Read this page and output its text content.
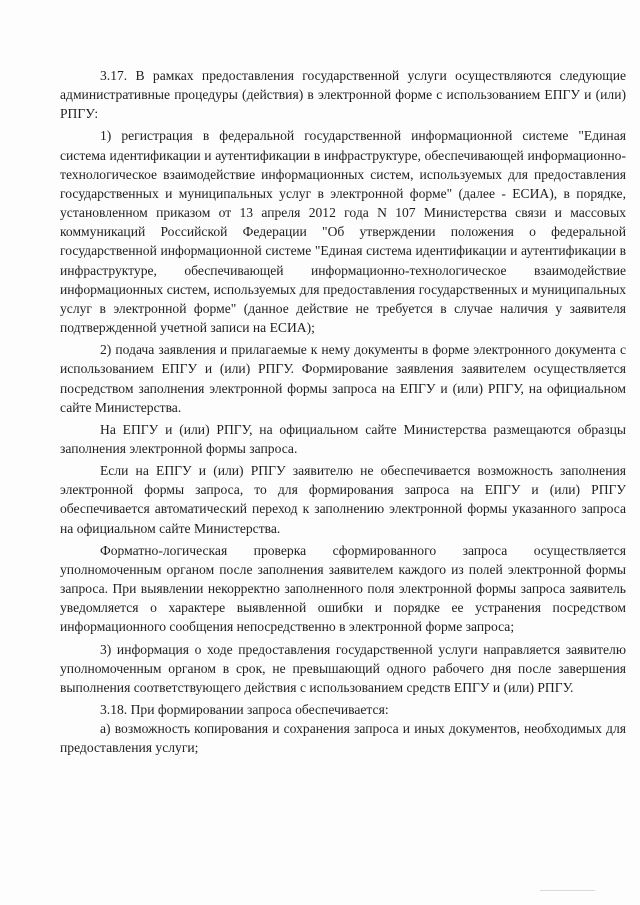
3.17. В рамках предоставления государственной услуги осуществляются следующие административные процедуры (действия) в электронной форме с использованием ЕПГУ и (или) РПГУ:

1) регистрация в федеральной государственной информационной системе "Единая система идентификации и аутентификации в инфраструктуре, обеспечивающей информационно-технологическое взаимодействие информационных систем, используемых для предоставления государственных и муниципальных услуг в электронной форме" (далее - ЕСИА), в порядке, установленном приказом от 13 апреля 2012 года N 107 Министерства связи и массовых коммуникаций Российской Федерации "Об утверждении положения о федеральной государственной информационной системе "Единая система идентификации и аутентификации в инфраструктуре, обеспечивающей информационно-технологическое взаимодействие информационных систем, используемых для предоставления государственных и муниципальных услуг в электронной форме" (данное действие не требуется в случае наличия у заявителя подтвержденной учетной записи на ЕСИА);

2) подача заявления и прилагаемые к нему документы в форме электронного документа с использованием ЕПГУ и (или) РПГУ. Формирование заявления заявителем осуществляется посредством заполнения электронной формы запроса на ЕПГУ и (или) РПГУ, на официальном сайте Министерства.

На ЕПГУ и (или) РПГУ, на официальном сайте Министерства размещаются образцы заполнения электронной формы запроса.

Если на ЕПГУ и (или) РПГУ заявителю не обеспечивается возможность заполнения электронной формы запроса, то для формирования запроса на ЕПГУ и (или) РПГУ обеспечивается автоматический переход к заполнению электронной формы указанного запроса на официальном сайте Министерства.

Форматно-логическая проверка сформированного запроса осуществляется уполномоченным органом после заполнения заявителем каждого из полей электронной формы запроса. При выявлении некорректно заполненного поля электронной формы запроса заявитель уведомляется о характере выявленной ошибки и порядке ее устранения посредством информационного сообщения непосредственно в электронной форме запроса;

3) информация о ходе предоставления государственной услуги направляется заявителю уполномоченным органом в срок, не превышающий одного рабочего дня после завершения выполнения соответствующего действия с использованием средств ЕПГУ и (или) РПГУ.

3.18. При формировании запроса обеспечивается:

а) возможность копирования и сохранения запроса и иных документов, необходимых для предоставления услуги;
